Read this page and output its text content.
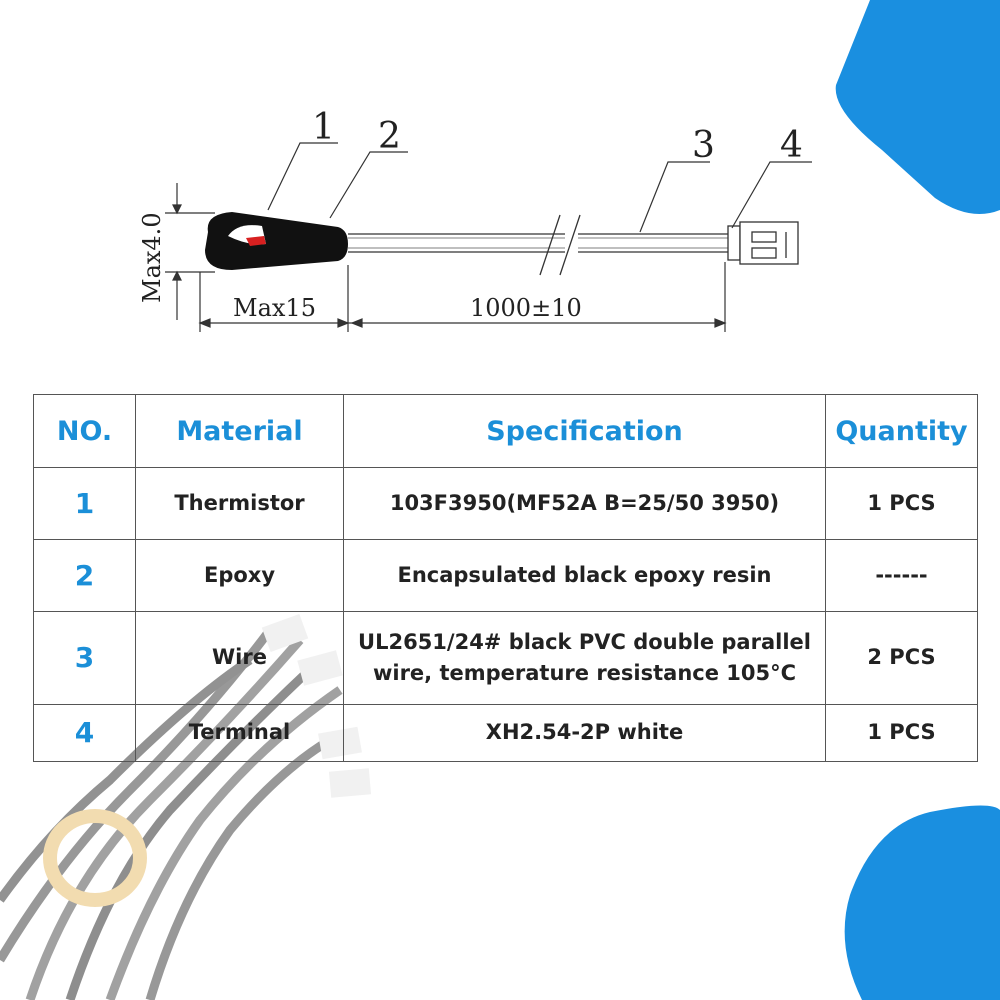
1 2	3 4
Max4.0
Max15	1000±10
NO.	Material	Specification	Quantity
1	Thermistor	103F3950(MF52A B=25/50 3950)	1 PCS
2	Epoxy	Encapsulated black epoxy resin	------
3	Wire	UL2651/24# black PVC double parallel
wire, temperature resistance 105°C	2 PCS
4	Terminal	XH2.54-2P white	1 PCS
